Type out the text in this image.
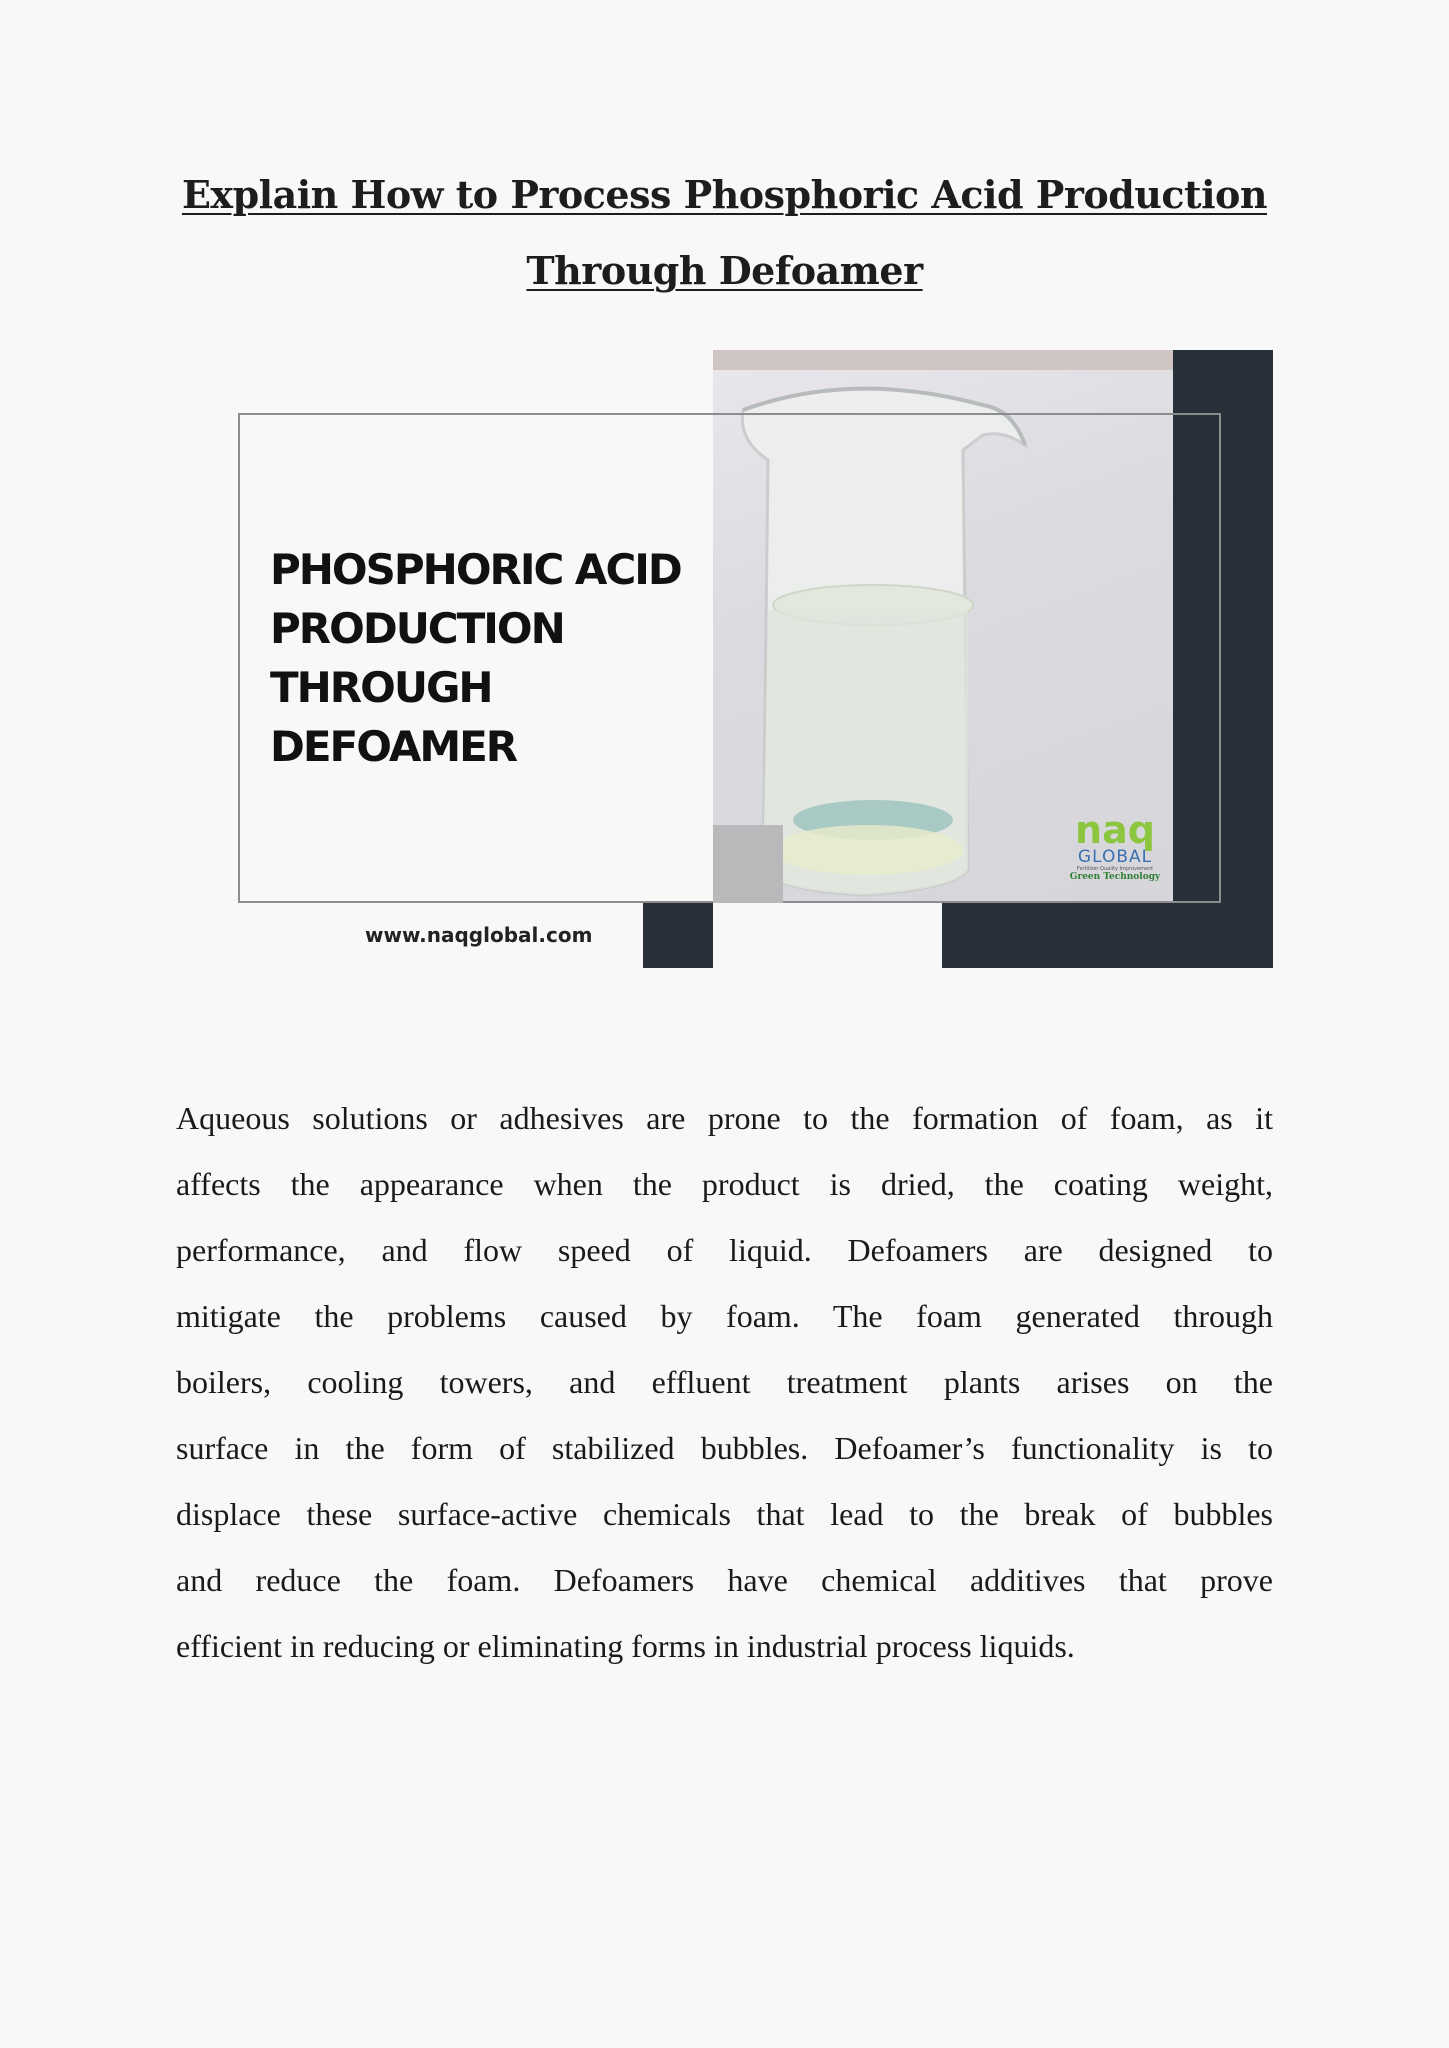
Explain How to Process Phosphoric Acid Production
Through Defoamer
PHOSPHORIC ACID
PRODUCTION
THROUGH
DEFOAMER
www.naqglobal.com
naq
GLOBAL
Fertilizer Quality Improvement
Green Technology
Aqueous solutions or adhesives are prone to the formation of foam, as it
affects the appearance when the product is dried, the coating weight,
performance, and flow speed of liquid. Defoamers are designed to
mitigate the problems caused by foam. The foam generated through
boilers, cooling towers, and effluent treatment plants arises on the
surface in the form of stabilized bubbles. Defoamer’s functionality is to
displace these surface-active chemicals that lead to the break of bubbles
and reduce the foam. Defoamers have chemical additives that prove
efficient in reducing or eliminating forms in industrial process liquids.
